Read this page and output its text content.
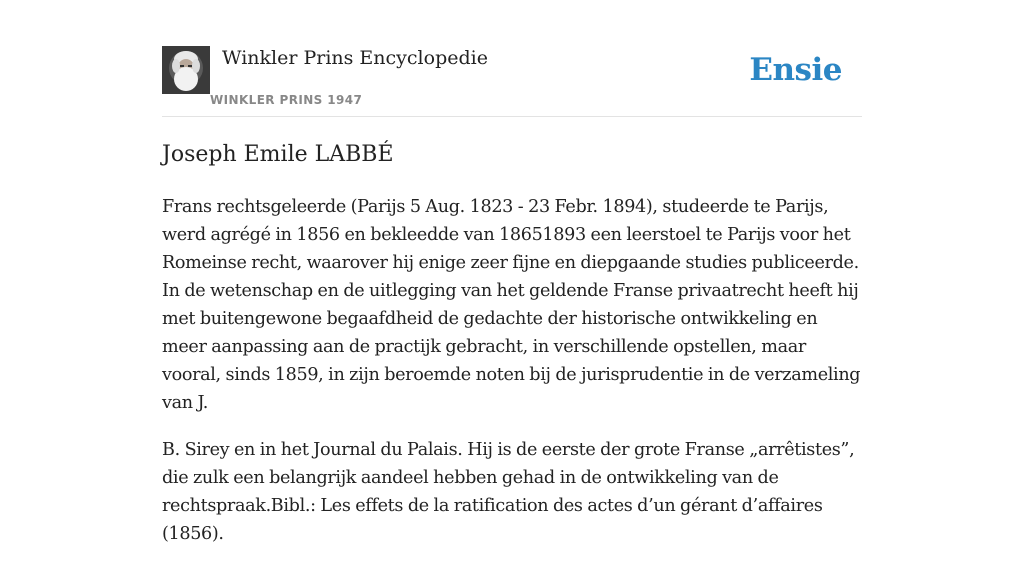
Winkler Prins Encyclopedie
WINKLER PRINS 1947
Ensie
Joseph Emile LABBÉ

Frans rechtsgeleerde (Parijs 5 Aug. 1823 - 23 Febr. 1894), studeerde te Parijs, werd agrégé in 1856 en bekleedde van 18651893 een leerstoel te Parijs voor het Romeinse recht, waarover hij enige zeer fijne en diepgaande studies publiceerde. In de wetenschap en de uitlegging van het geldende Franse privaatrecht heeft hij met buitengewone begaafdheid de gedachte der historische ontwikkeling en meer aanpassing aan de practijk gebracht, in verschillende opstellen, maar vooral, sinds 1859, in zijn beroemde noten bij de jurisprudentie in de verzameling van J.

B. Sirey en in het Journal du Palais. Hij is de eerste der grote Franse „arrêtistes”, die zulk een belangrijk aandeel hebben gehad in de ontwikkeling van de rechtspraak.Bibl.: Les effets de la ratification des actes d’un gérant d’affaires (1856).
